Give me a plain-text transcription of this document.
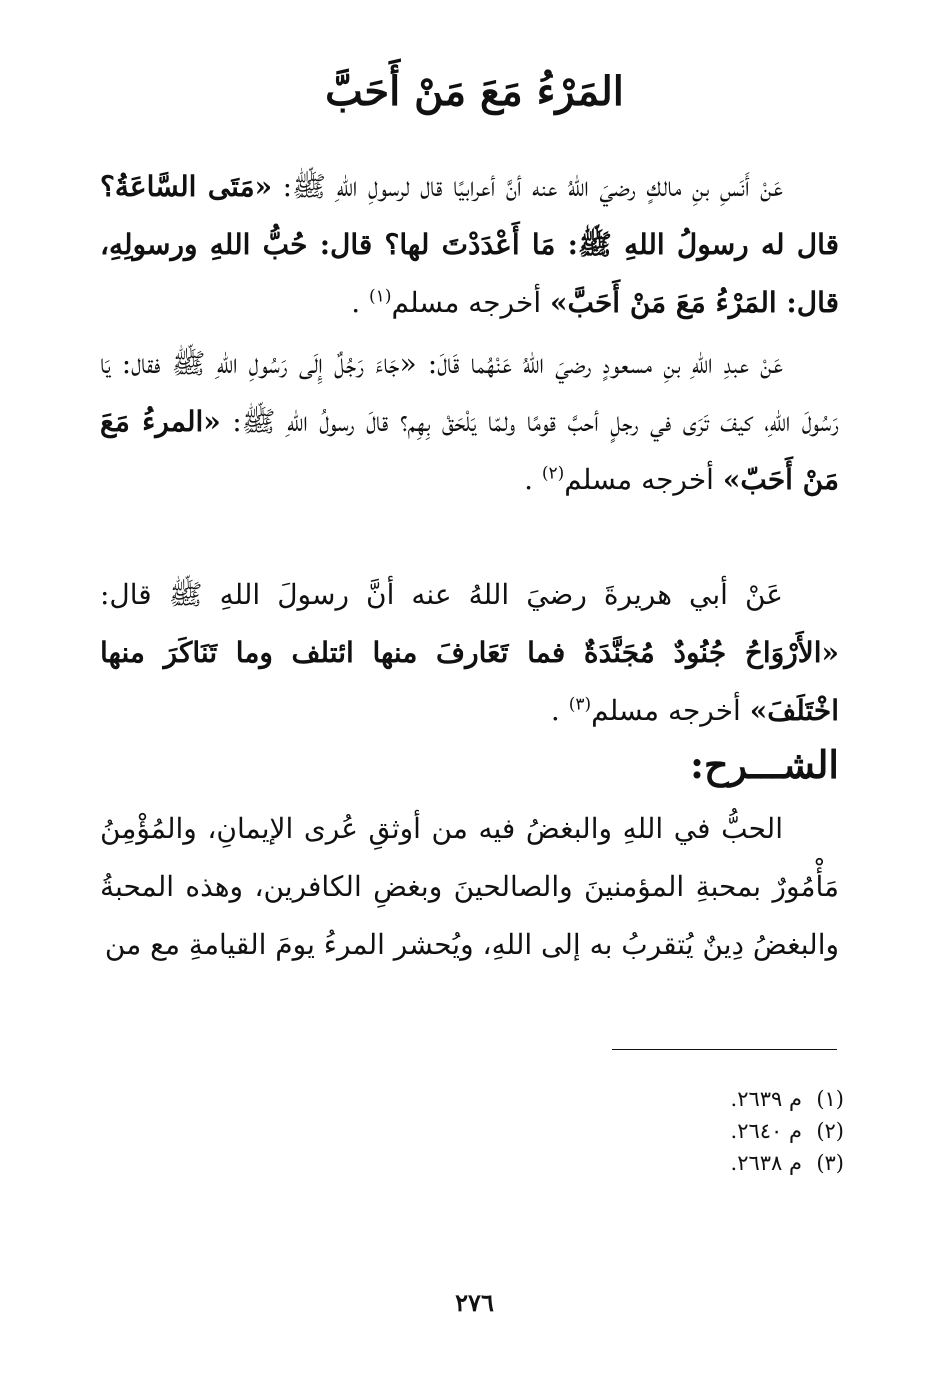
المَرْءُ مَعَ مَنْ أَحَبَّ
عَنْ أَنَسِ بنِ مالكٍ رضيَ اللهُ عنه أنَّ أعرابيًا قال لرسولِ اللهِ ﷺ: «مَتَى السَّاعَةُ؟ قال له رسولُ اللهِ ﷺ: مَا أَعْدَدْتَ لها؟ قال: حُبُّ اللهِ ورسولِهِ، قال: المَرْءُ مَعَ مَنْ أَحَبَّ» أخرجه مسلم$^{(١)}$ .
عَنْ عبدِ اللهِ بنِ مسعودٍ رضيَ اللهُ عَنْهُما قَالَ: «جَاءَ رَجُلٌ إِلَى رَسُولِ اللهِ ﷺ فقال: يَا رَسُولَ اللهِ، كيفَ تَرَى في رجلٍ أحبَّ قومًا ولمّا يَلْحَقْ بِهِم؟ قالَ رسولُ اللهِ ﷺ: «المرءُ مَعَ مَنْ أَحَبّ» أخرجه مسلم$^{(٢)}$ .
عَنْ أبي هريرةَ رضيَ اللهُ عنه أنَّ رسولَ اللهِ ﷺ قال: «الأَرْوَاحُ جُنُودٌ مُجَنَّدَةٌ فما تَعَارفَ منها ائتلف وما تَنَاكَرَ منها اخْتَلَفَ» أخرجه مسلم$^{(٣)}$ .
الشـــرح:
الحبُّ في اللهِ والبغضُ فيه من أوثقِ عُرى الإيمانِ، والمُؤْمِنُ مَأْمُورٌ بمحبةِ المؤمنينَ والصالحينَ وبغضِ الكافرين، وهذه المحبةُ والبغضُ دِينٌ يُتقربُ به إلى اللهِ، ويُحشر المرءُ يومَ القيامةِ مع من
(١)م ٢٦٣٩.
(٢)م ٢٦٤٠.
(٣)م ٢٦٣٨.
٢٧٦
